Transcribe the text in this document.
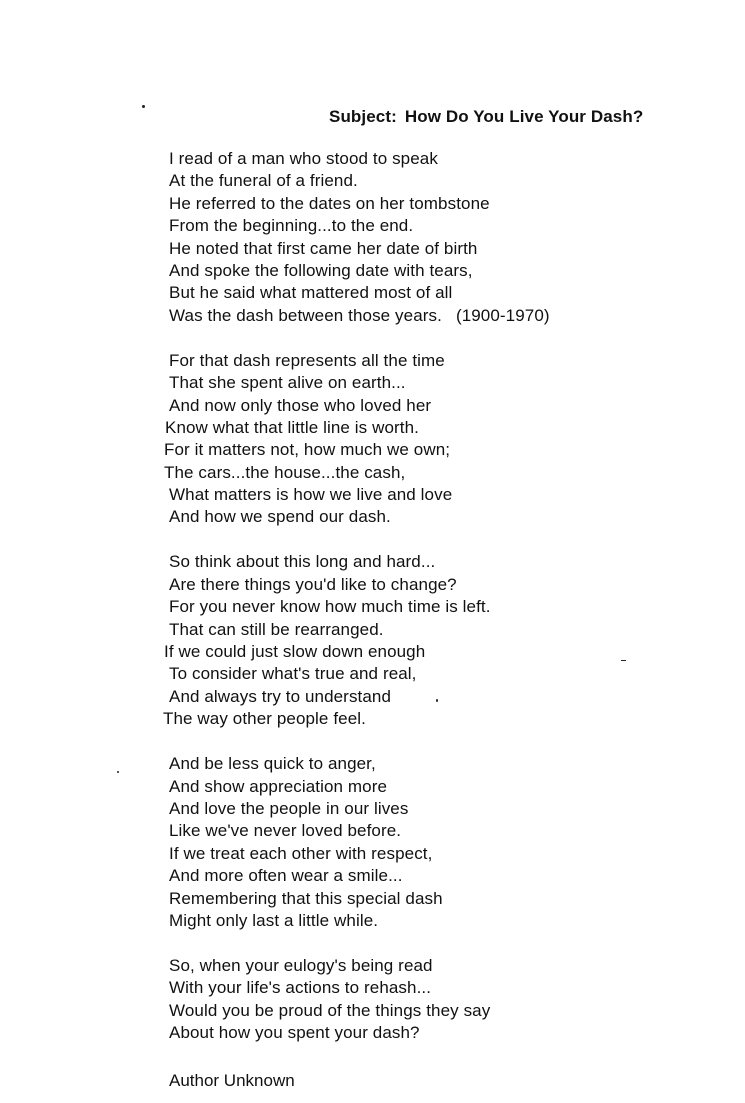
Subject: How Do You Live Your Dash?
I read of a man who stood to speak
At the funeral of a friend.
He referred to the dates on her tombstone
From the beginning...to the end.
He noted that first came her date of birth
And spoke the following date with tears,
But he said what mattered most of all
Was the dash between those years. (1900-1970)
For that dash represents all the time
That she spent alive on earth...
And now only those who loved her
Know what that little line is worth.
For it matters not, how much we own;
The cars...the house...the cash,
What matters is how we live and love
And how we spend our dash.
So think about this long and hard...
Are there things you'd like to change?
For you never know how much time is left.
That can still be rearranged.
If we could just slow down enough
To consider what's true and real,
And always try to understand
The way other people feel.
And be less quick to anger,
And show appreciation more
And love the people in our lives
Like we've never loved before.
If we treat each other with respect,
And more often wear a smile...
Remembering that this special dash
Might only last a little while.
So, when your eulogy's being read
With your life's actions to rehash...
Would you be proud of the things they say
About how you spent your dash?
Author Unknown
